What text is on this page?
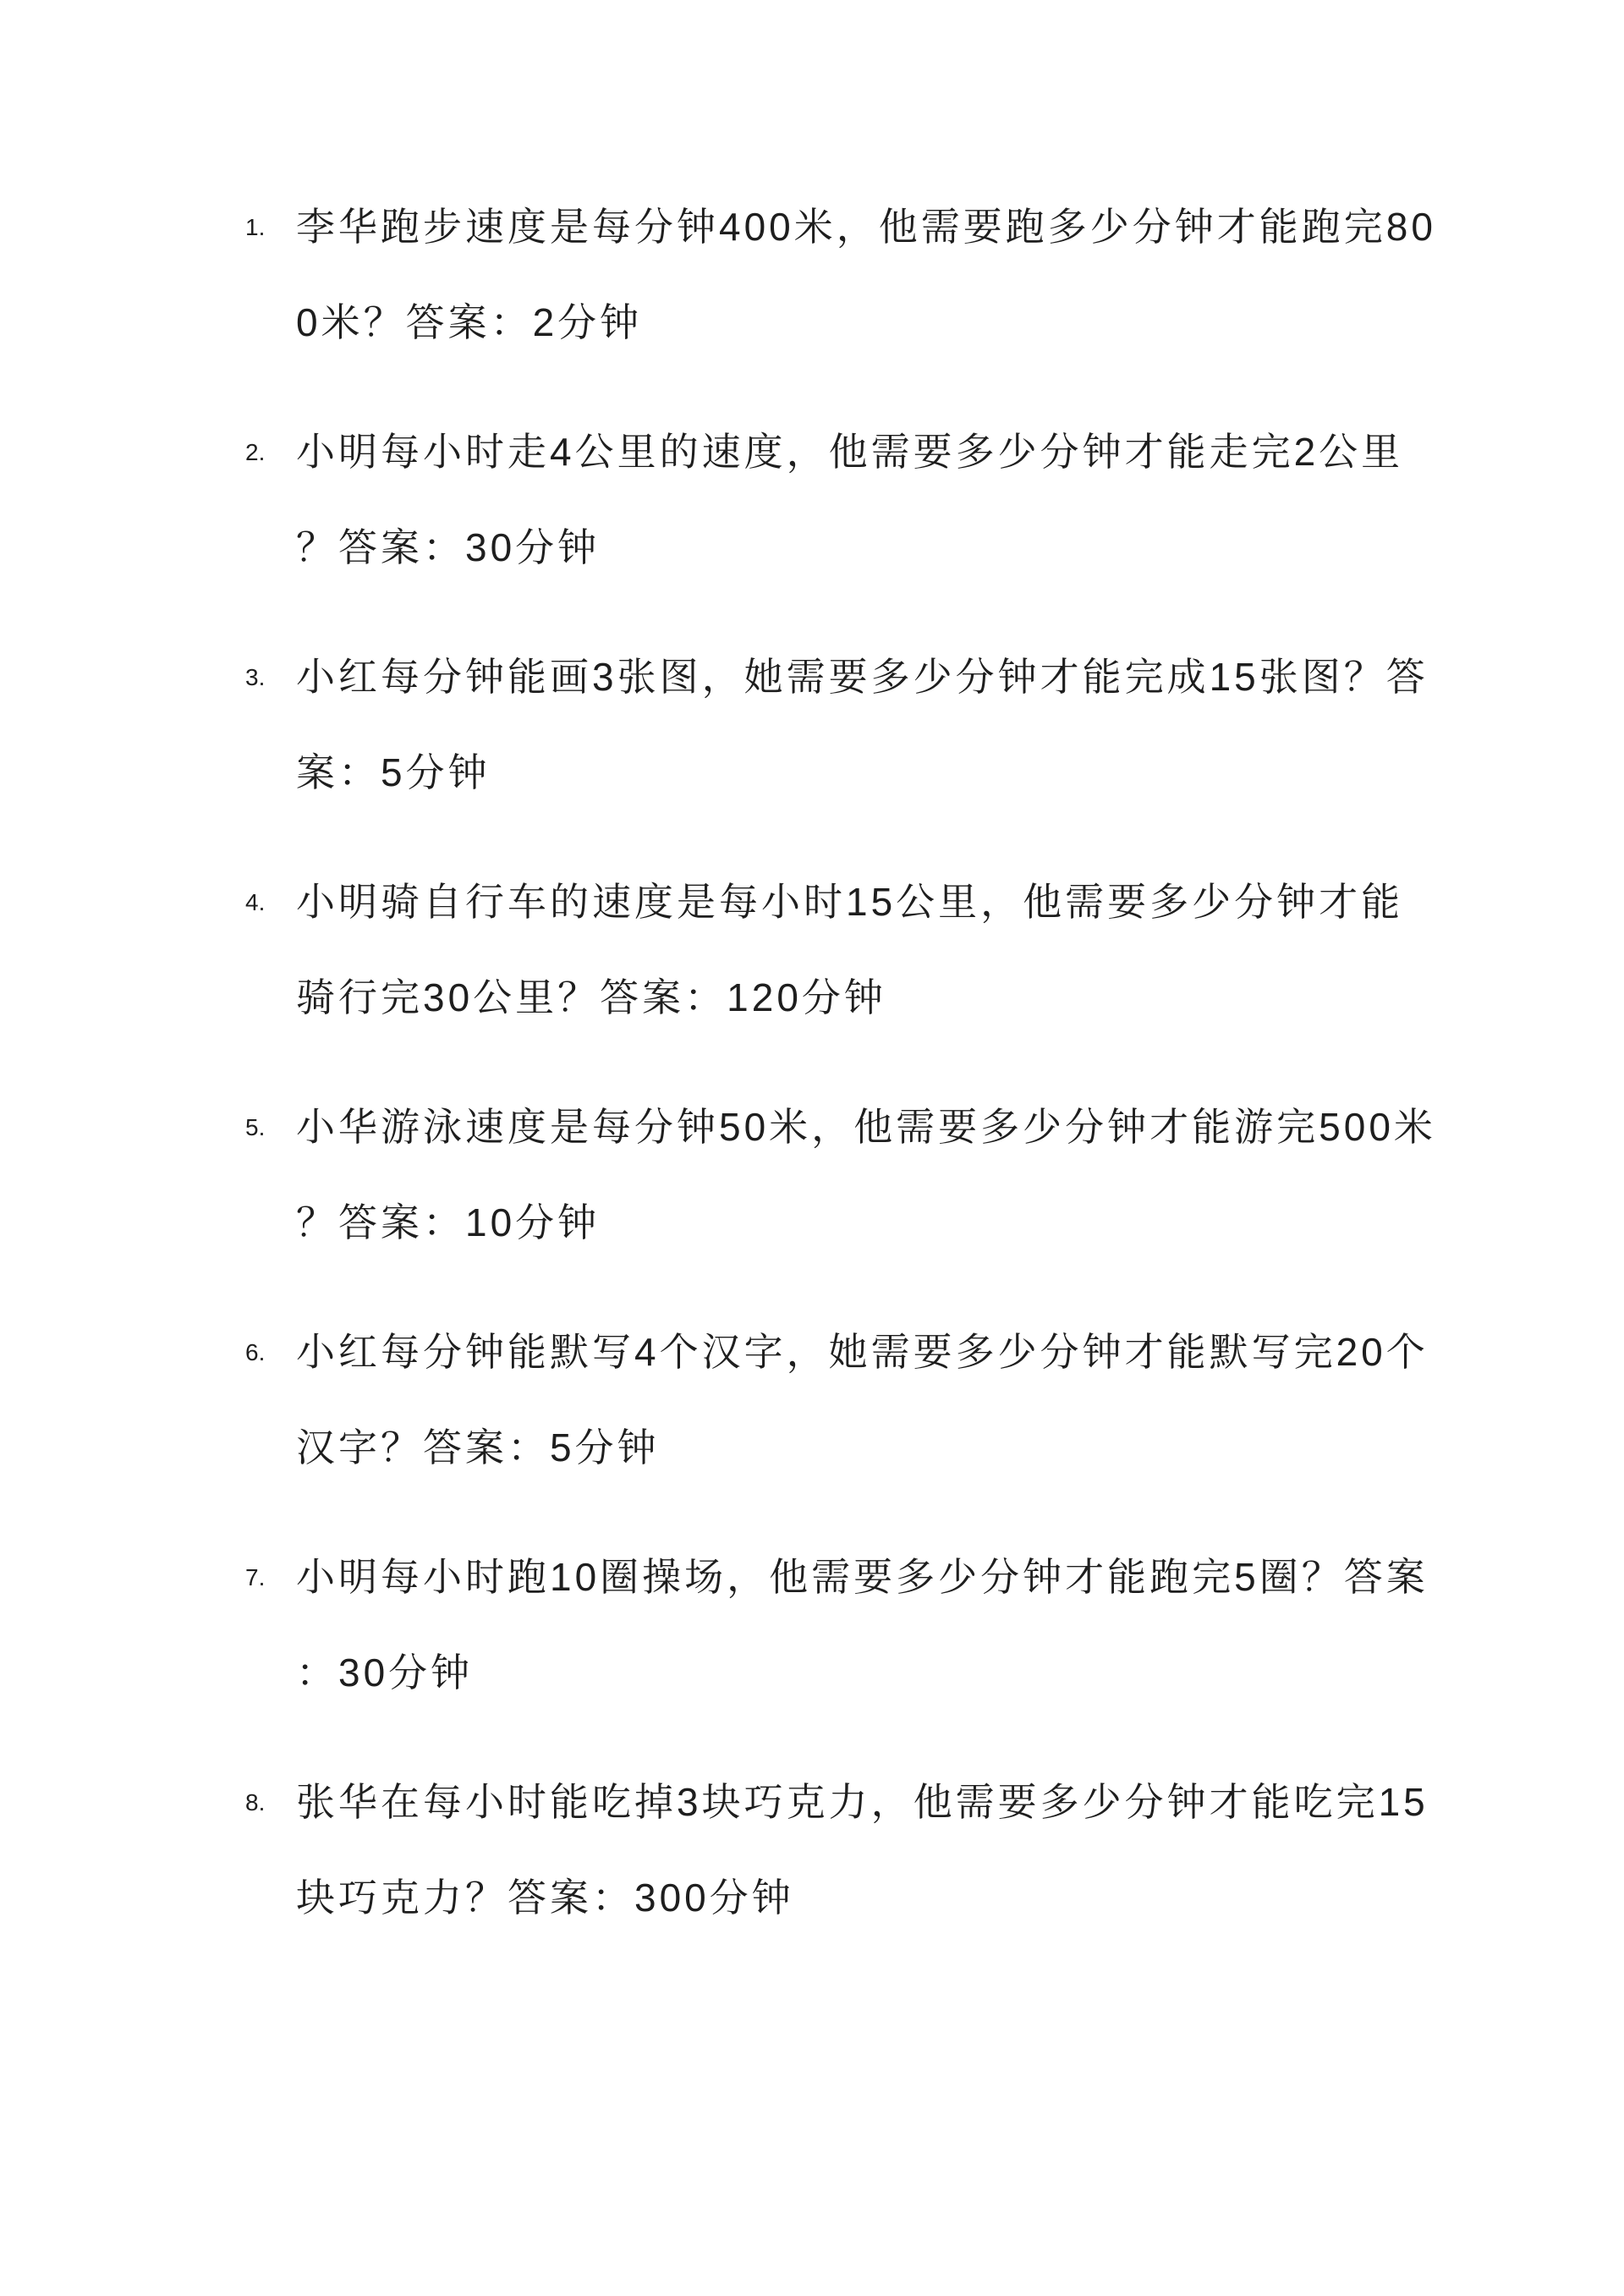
1. 李华跑步速度是每分钟400米，他需要跑多少分钟才能跑完80
0米？答案：2分钟
2. 小明每小时走4公里的速度，他需要多少分钟才能走完2公里
？答案：30分钟
3. 小红每分钟能画3张图，她需要多少分钟才能完成15张图？答
案：5分钟
4. 小明骑自行车的速度是每小时15公里，他需要多少分钟才能
骑行完30公里？答案：120分钟
5. 小华游泳速度是每分钟50米，他需要多少分钟才能游完500米
？答案：10分钟
6. 小红每分钟能默写4个汉字，她需要多少分钟才能默写完20个
汉字？答案：5分钟
7. 小明每小时跑10圈操场，他需要多少分钟才能跑完5圈？答案
：30分钟
8. 张华在每小时能吃掉3块巧克力，他需要多少分钟才能吃完15
块巧克力？答案：300分钟
